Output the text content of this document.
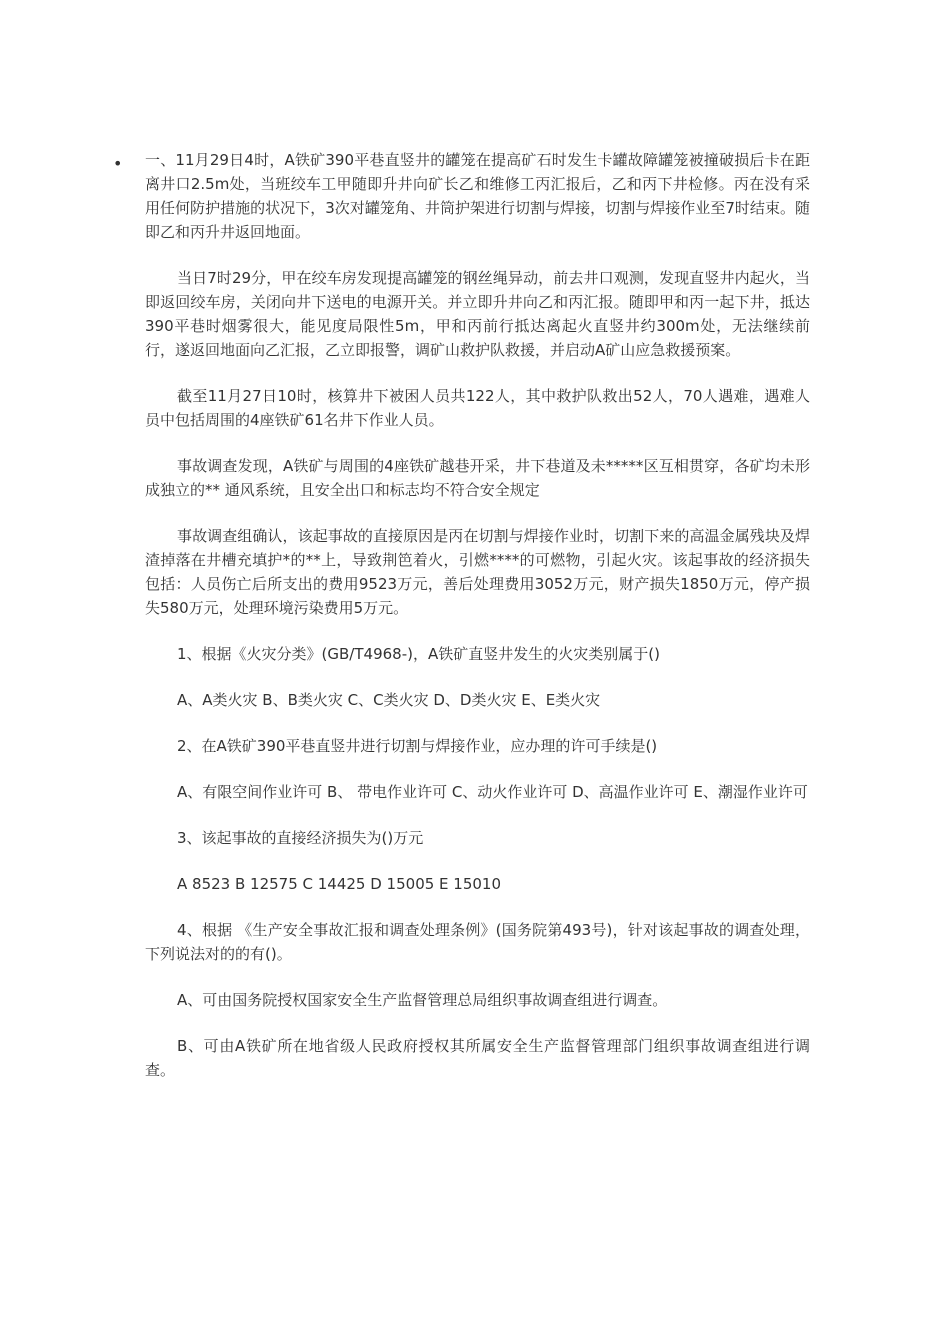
• 一、11月29日4时，A铁矿390平巷直竖井的罐笼在提高矿石时发生卡罐故障罐笼被撞破损后卡在距离井口2.5m处，当班绞车工甲随即升井向矿长乙和维修工丙汇报后，乙和丙下井检修。丙在没有采用任何防护措施的状况下，3次对罐笼角、井筒护架进行切割与焊接，切割与焊接作业至7时结束。随即乙和丙升井返回地面。

当日7时29分，甲在绞车房发现提高罐笼的钢丝绳异动，前去井口观测，发现直竖井内起火，当即返回绞车房，关闭向井下送电的电源开关。并立即升井向乙和丙汇报。随即甲和丙一起下井，抵达390平巷时烟雾很大，能见度局限性5m，甲和丙前行抵达离起火直竖井约300m处，无法继续前行，遂返回地面向乙汇报，乙立即报警，调矿山救护队救援，并启动A矿山应急救援预案。

截至11月27日10时，核算井下被困人员共122人，其中救护队救出52人，70人遇难，遇难人员中包括周围的4座铁矿61名井下作业人员。

事故调查发现，A铁矿与周围的4座铁矿越巷开采，井下巷道及未*****区互相贯穿，各矿均未形成独立的** 通风系统，且安全出口和标志均不符合安全规定

事故调查组确认，该起事故的直接原因是丙在切割与焊接作业时，切割下来的高温金属残块及焊渣掉落在井槽充填护*的**上，导致荆笆着火，引燃****的可燃物，引起火灾。该起事故的经济损失包括：人员伤亡后所支出的费用9523万元，善后处理费用3052万元，财产损失1850万元，停产损失580万元，处理环境污染费用5万元。

1、根据《火灾分类》(GB/T4968-)，A铁矿直竖井发生的火灾类别属于()

A、A类火灾 B、B类火灾 C、C类火灾 D、D类火灾 E、E类火灾

2、在A铁矿390平巷直竖井进行切割与焊接作业，应办理的许可手续是()

A、有限空间作业许可 B、 带电作业许可 C、动火作业许可 D、高温作业许可 E、潮湿作业许可

3、该起事故的直接经济损失为()万元

A 8523 B 12575 C 14425 D 15005 E 15010

4、根据 《生产安全事故汇报和调查处理条例》(国务院第493号)，针对该起事故的调查处理，下列说法对的的有()。

A、可由国务院授权国家安全生产监督管理总局组织事故调查组进行调查。

B、可由A铁矿所在地省级人民政府授权其所属安全生产监督管理部门组织事故调查组进行调查。
